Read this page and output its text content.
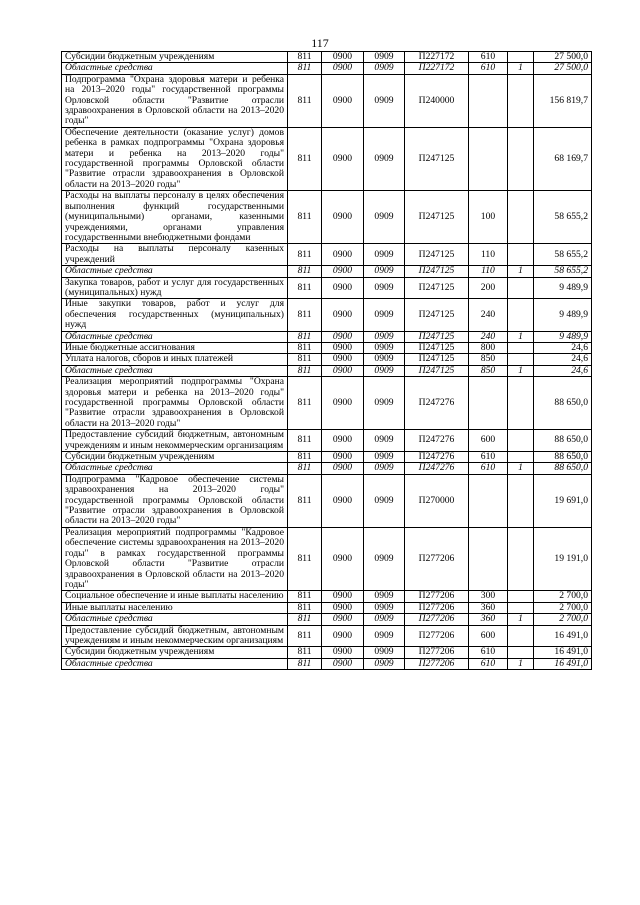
117
Субсидии бюджетным учреждениям	811	0900	0909	П227172	610		27 500,0
Областные средства	811	0900	0909	П227172	610	1	27 500,0
Подпрограмма "Охрана здоровья матери и ребенка на 2013–2020 годы" государственной программы Орловской области "Развитие отрасли здравоохранения в Орловской области на 2013–2020 годы"	811	0900	0909	П240000			156 819,7
Обеспечение деятельности (оказание услуг) домов ребенка в рамках подпрограммы "Охрана здоровья матери и ребенка на 2013–2020 годы" государственной программы Орловской области "Развитие отрасли здравоохранения в Орловской области на 2013–2020 годы"	811	0900	0909	П247125			68 169,7
Расходы на выплаты персоналу в целях обеспечения выполнения функций государственными (муниципальными) органами, казенными учреждениями, органами управления государственными внебюджетными фондами	811	0900	0909	П247125	100		58 655,2
Расходы на выплаты персоналу казенных учреждений	811	0900	0909	П247125	110		58 655,2
Областные средства	811	0900	0909	П247125	110	1	58 655,2
Закупка товаров, работ и услуг для государственных (муниципальных) нужд	811	0900	0909	П247125	200		9 489,9
Иные закупки товаров, работ и услуг для обеспечения государственных (муниципальных) нужд	811	0900	0909	П247125	240		9 489,9
Областные средства	811	0900	0909	П247125	240	1	9 489,9
Иные бюджетные ассигнования	811	0900	0909	П247125	800		24,6
Уплата налогов, сборов и иных платежей	811	0900	0909	П247125	850		24,6
Областные средства	811	0900	0909	П247125	850	1	24,6
Реализация мероприятий подпрограммы "Охрана здоровья матери и ребенка на 2013–2020 годы" государственной программы Орловской области "Развитие отрасли здравоохранения в Орловской области на 2013–2020 годы"	811	0900	0909	П247276			88 650,0
Предоставление субсидий бюджетным, автономным учреждениям и иным некоммерческим организациям	811	0900	0909	П247276	600		88 650,0
Субсидии бюджетным учреждениям	811	0900	0909	П247276	610		88 650,0
Областные средства	811	0900	0909	П247276	610	1	88 650,0
Подпрограмма "Кадровое обеспечение системы здравоохранения на 2013–2020 годы" государственной программы Орловской области "Развитие отрасли здравоохранения в Орловской области на 2013–2020 годы"	811	0900	0909	П270000			19 691,0
Реализация мероприятий подпрограммы "Кадровое обеспечение системы здравоохранения на 2013–2020 годы" в рамках государственной программы Орловской области "Развитие отрасли здравоохранения в Орловской области на 2013–2020 годы"	811	0900	0909	П277206			19 191,0
Социальное обеспечение и иные выплаты населению	811	0900	0909	П277206	300		2 700,0
Иные выплаты населению	811	0900	0909	П277206	360		2 700,0
Областные средства	811	0900	0909	П277206	360	1	2 700,0
Предоставление субсидий бюджетным, автономным учреждениям и иным некоммерческим организациям	811	0900	0909	П277206	600		16 491,0
Субсидии бюджетным учреждениям	811	0900	0909	П277206	610		16 491,0
Областные средства	811	0900	0909	П277206	610	1	16 491,0
